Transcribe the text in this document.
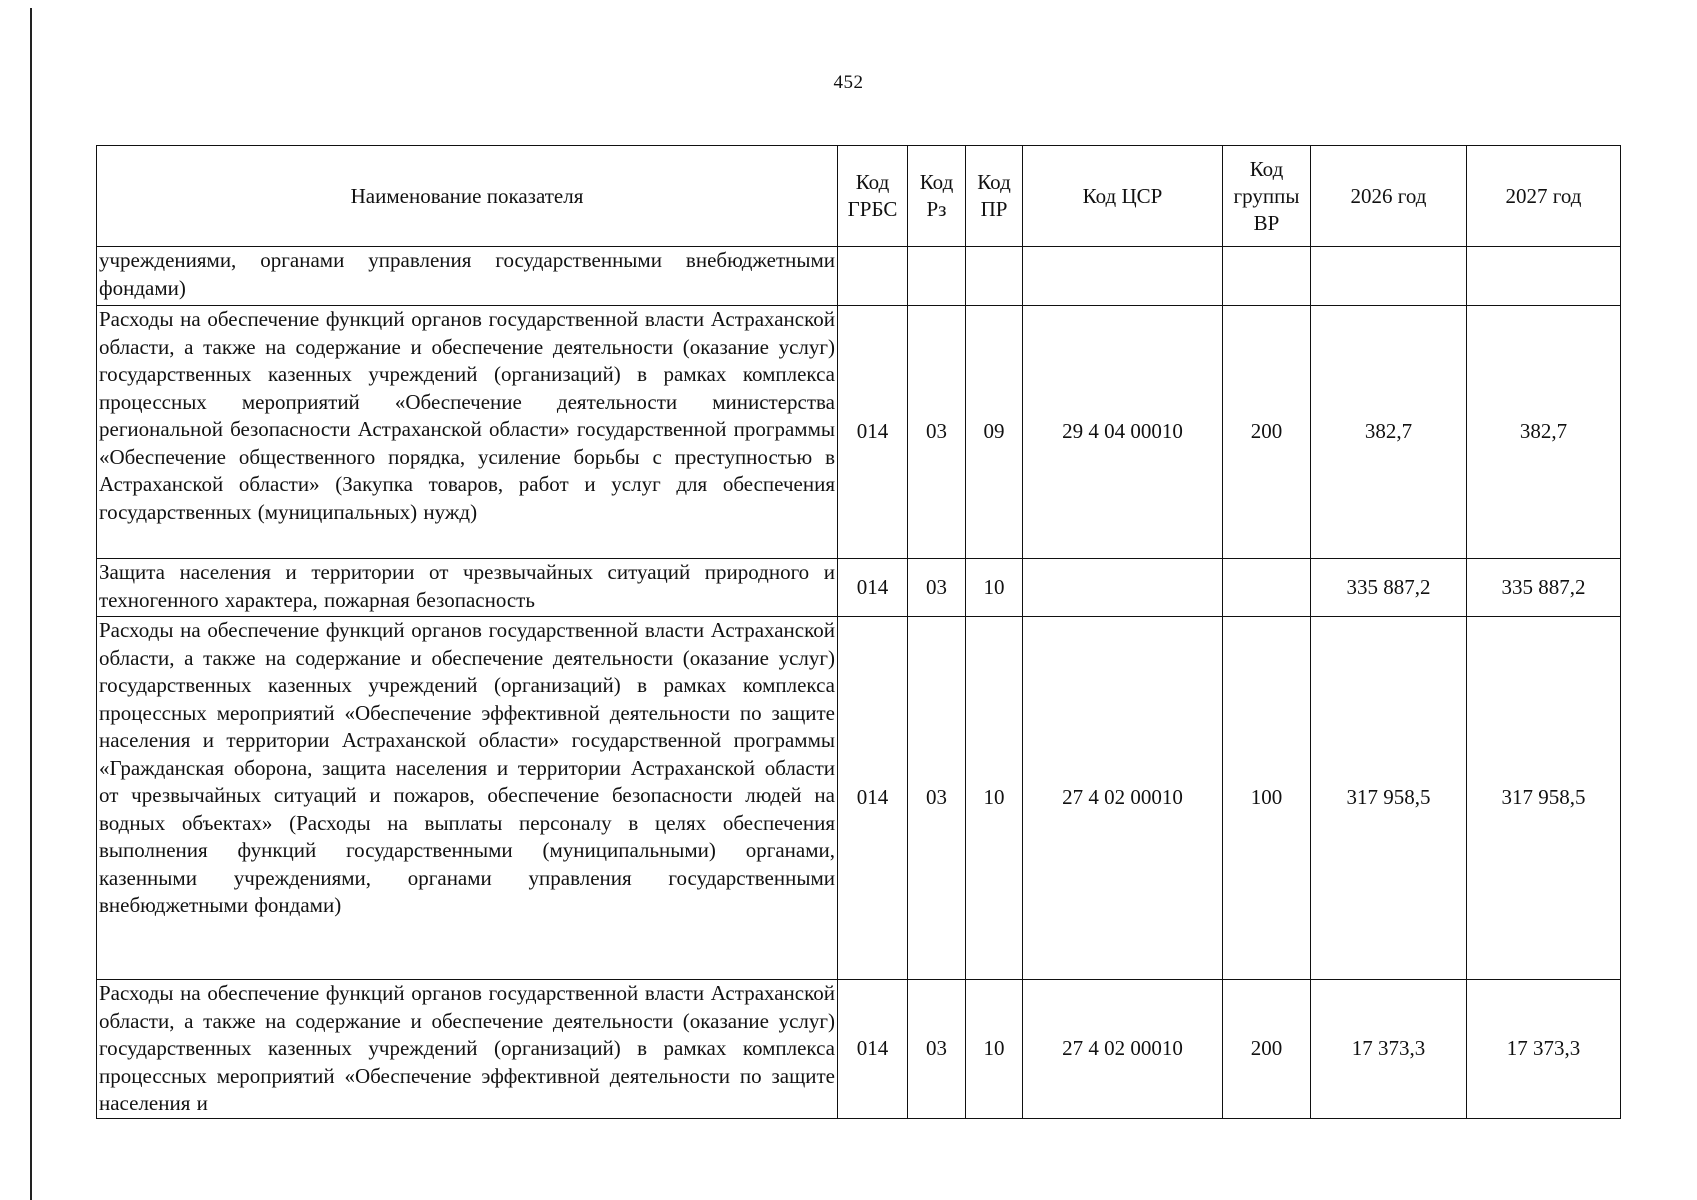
452
Наименование показателя	Код ГРБС	Код Рз	Код ПР	Код ЦСР	Код группы ВР	2026 год	2027 год
учреждениями, органами управления государственными внебюджетными фондами)							
Расходы на обеспечение функций органов государственной власти Астраханской области, а также на содержание и обеспечение деятельности (оказание услуг) государственных казенных учреждений (организаций) в рамках комплекса процессных мероприятий «Обеспечение деятельности министерства региональной безопасности Астраханской области» государственной программы «Обеспечение общественного порядка, усиление борьбы с преступностью в Астраханской области» (Закупка товаров, работ и услуг для обеспечения государственных (муниципальных) нужд)	014	03	09	29 4 04 00010	200	382,7	382,7
Защита населения и территории от чрезвычайных ситуаций природного и техногенного характера, пожарная безопасность	014	03	10			335 887,2	335 887,2
Расходы на обеспечение функций органов государственной власти Астраханской области, а также на содержание и обеспечение деятельности (оказание услуг) государственных казенных учреждений (организаций) в рамках комплекса процессных мероприятий «Обеспечение эффективной деятельности по защите населения и территории Астраханской области» государственной программы «Гражданская оборона, защита населения и территории Астраханской области от чрезвычайных ситуаций и пожаров, обеспечение безопасности людей на водных объектах» (Расходы на выплаты персоналу в целях обеспечения выполнения функций государственными (муниципальными) органами, казенными учреждениями, органами управления государственными внебюджетными фондами)	014	03	10	27 4 02 00010	100	317 958,5	317 958,5
Расходы на обеспечение функций органов государственной власти Астраханской области, а также на содержание и обеспечение деятельности (оказание услуг) государственных казенных учреждений (организаций) в рамках комплекса процессных мероприятий «Обеспечение эффективной деятельности по защите населения и	014	03	10	27 4 02 00010	200	17 373,3	17 373,3
